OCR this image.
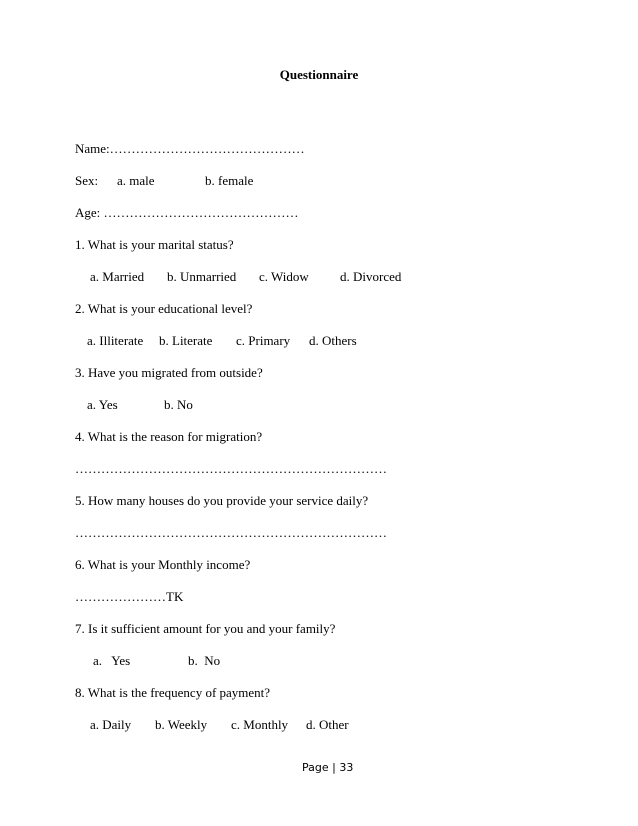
Questionnaire
Name:………………………………………
Sex: a. male	b. female
Age: ………………………………………
1. What is your marital status?
a. Married b. Unmarried c. Widow d. Divorced
2. What is your educational level?
a. Illiterate b. Literate c. Primary d. Others
3. Have you migrated from outside?
a. Yes	b. No
4. What is the reason for migration?
………………………………………………………………
5. How many houses do you provide your service daily?
………………………………………………………………
6. What is your Monthly income?
…………………TK
7. Is it sufficient amount for you and your family?
a.   Yes	b.  No
8. What is the frequency of payment?
a. Daily b. Weekly c. Monthly d. Other
Page | 33
